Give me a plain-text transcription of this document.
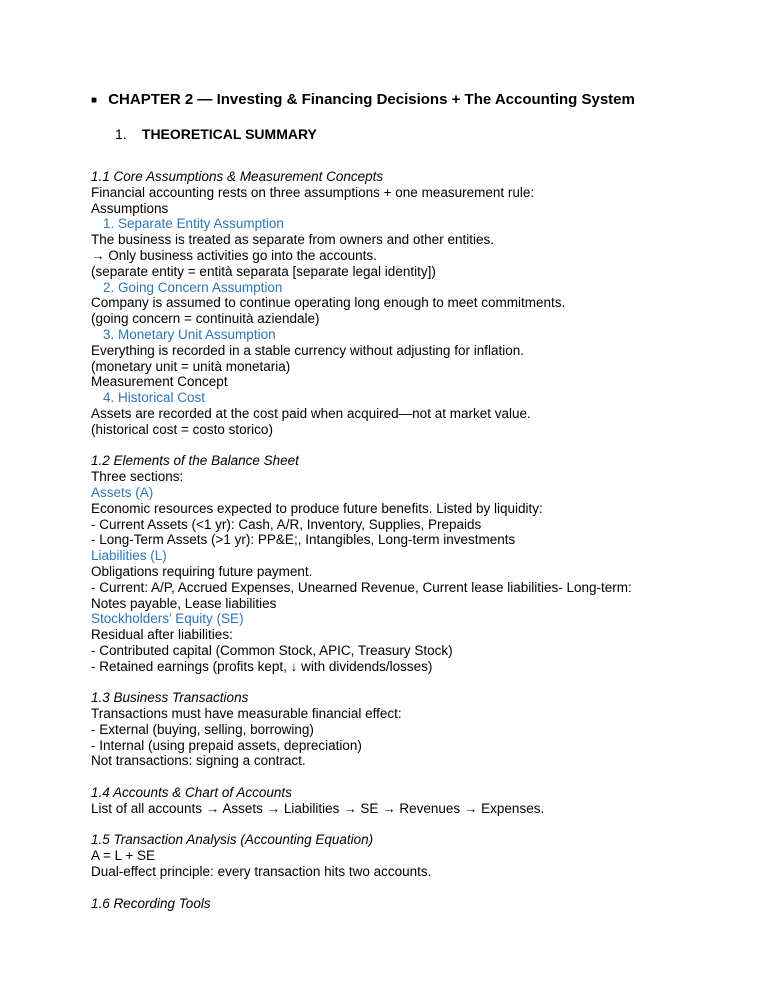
■ CHAPTER 2 — Investing & Financing Decisions + The Accounting System
1. THEORETICAL SUMMARY
1.1 Core Assumptions & Measurement Concepts
Financial accounting rests on three assumptions + one measurement rule:
Assumptions
1. Separate Entity Assumption
The business is treated as separate from owners and other entities.
→ Only business activities go into the accounts.
(separate entity = entità separata [separate legal identity])
2. Going Concern Assumption
Company is assumed to continue operating long enough to meet commitments.
(going concern = continuità aziendale)
3. Monetary Unit Assumption
Everything is recorded in a stable currency without adjusting for inflation.
(monetary unit = unità monetaria)
Measurement Concept
4. Historical Cost
Assets are recorded at the cost paid when acquired—not at market value.
(historical cost = costo storico)

1.2 Elements of the Balance Sheet
Three sections:
Assets (A)
Economic resources expected to produce future benefits. Listed by liquidity:
- Current Assets (<1 yr): Cash, A/R, Inventory, Supplies, Prepaids
- Long-Term Assets (>1 yr): PP&E;, Intangibles, Long-term investments
Liabilities (L)
Obligations requiring future payment.
- Current: A/P, Accrued Expenses, Unearned Revenue, Current lease liabilities- Long-term:
Notes payable, Lease liabilities
Stockholders’ Equity (SE)
Residual after liabilities:
- Contributed capital (Common Stock, APIC, Treasury Stock)
- Retained earnings (profits kept, ↓ with dividends/losses)

1.3 Business Transactions
Transactions must have measurable financial effect:
- External (buying, selling, borrowing)
- Internal (using prepaid assets, depreciation)
Not transactions: signing a contract.

1.4 Accounts & Chart of Accounts
List of all accounts → Assets → Liabilities → SE → Revenues → Expenses.

1.5 Transaction Analysis (Accounting Equation)
A = L + SE
Dual-effect principle: every transaction hits two accounts.

1.6 Recording Tools
